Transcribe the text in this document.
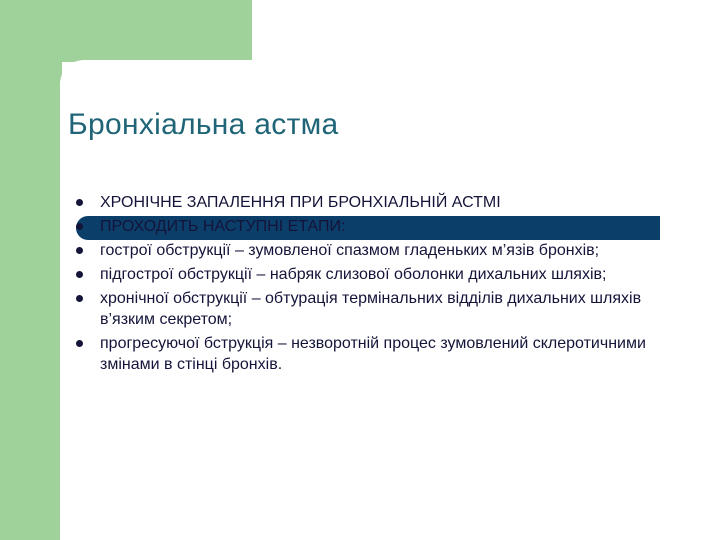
Бронхіальна астма
ХРОНІЧНЕ ЗАПАЛЕННЯ ПРИ БРОНХІАЛЬНІЙ АСТМІ
ПРОХОДИТЬ НАСТУПНІ ЕТАПИ:
гострої обструкції – зумовленої спазмом гладеньких м’язів бронхів;
підгострої обструкції – набряк слизової оболонки дихальних шляхів;
хронічної обструкції – обтурація термінальних відділів дихальних шляхів в’язким секретом;
прогресуючої бструкція – незворотній процес зумовлений склеротичними змінами в стінці бронхів.
